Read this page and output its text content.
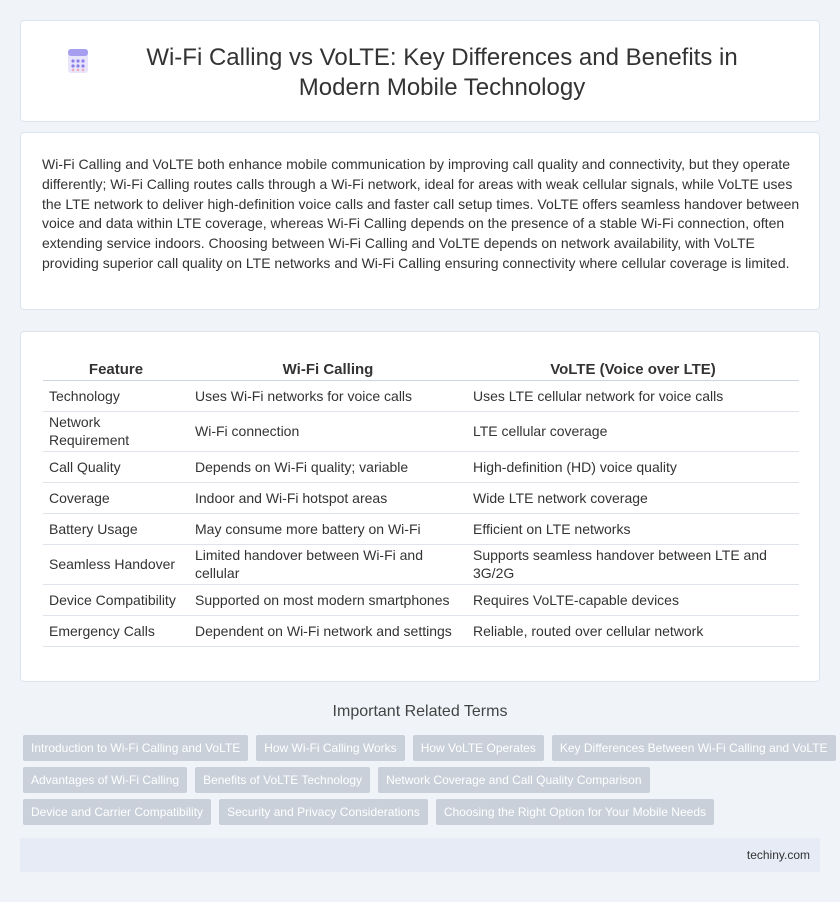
Wi-Fi Calling vs VoLTE: Key Differences and Benefits in Modern Mobile Technology

Wi-Fi Calling and VoLTE both enhance mobile communication by improving call quality and connectivity, but they operate differently; Wi-Fi Calling routes calls through a Wi-Fi network, ideal for areas with weak cellular signals, while VoLTE uses the LTE network to deliver high-definition voice calls and faster call setup times. VoLTE offers seamless handover between voice and data within LTE coverage, whereas Wi-Fi Calling depends on the presence of a stable Wi-Fi connection, often extending service indoors. Choosing between Wi-Fi Calling and VoLTE depends on network availability, with VoLTE providing superior call quality on LTE networks and Wi-Fi Calling ensuring connectivity where cellular coverage is limited.

Feature	Wi-Fi Calling	VoLTE (Voice over LTE)
Technology	Uses Wi-Fi networks for voice calls	Uses LTE cellular network for voice calls
Network Requirement	Wi-Fi connection	LTE cellular coverage
Call Quality	Depends on Wi-Fi quality; variable	High-definition (HD) voice quality
Coverage	Indoor and Wi-Fi hotspot areas	Wide LTE network coverage
Battery Usage	May consume more battery on Wi-Fi	Efficient on LTE networks
Seamless Handover	Limited handover between Wi-Fi and cellular	Supports seamless handover between LTE and 3G/2G
Device Compatibility	Supported on most modern smartphones	Requires VoLTE-capable devices
Emergency Calls	Dependent on Wi-Fi network and settings	Reliable, routed over cellular network
Important Related Terms
Introduction to Wi-Fi Calling and VoLTE	How Wi-Fi Calling Works	How VoLTE Operates	Key Differences Between Wi-Fi Calling and VoLTE
Advantages of Wi-Fi Calling	Benefits of VoLTE Technology	Network Coverage and Call Quality Comparison
Device and Carrier Compatibility	Security and Privacy Considerations	Choosing the Right Option for Your Mobile Needs
techiny.com
